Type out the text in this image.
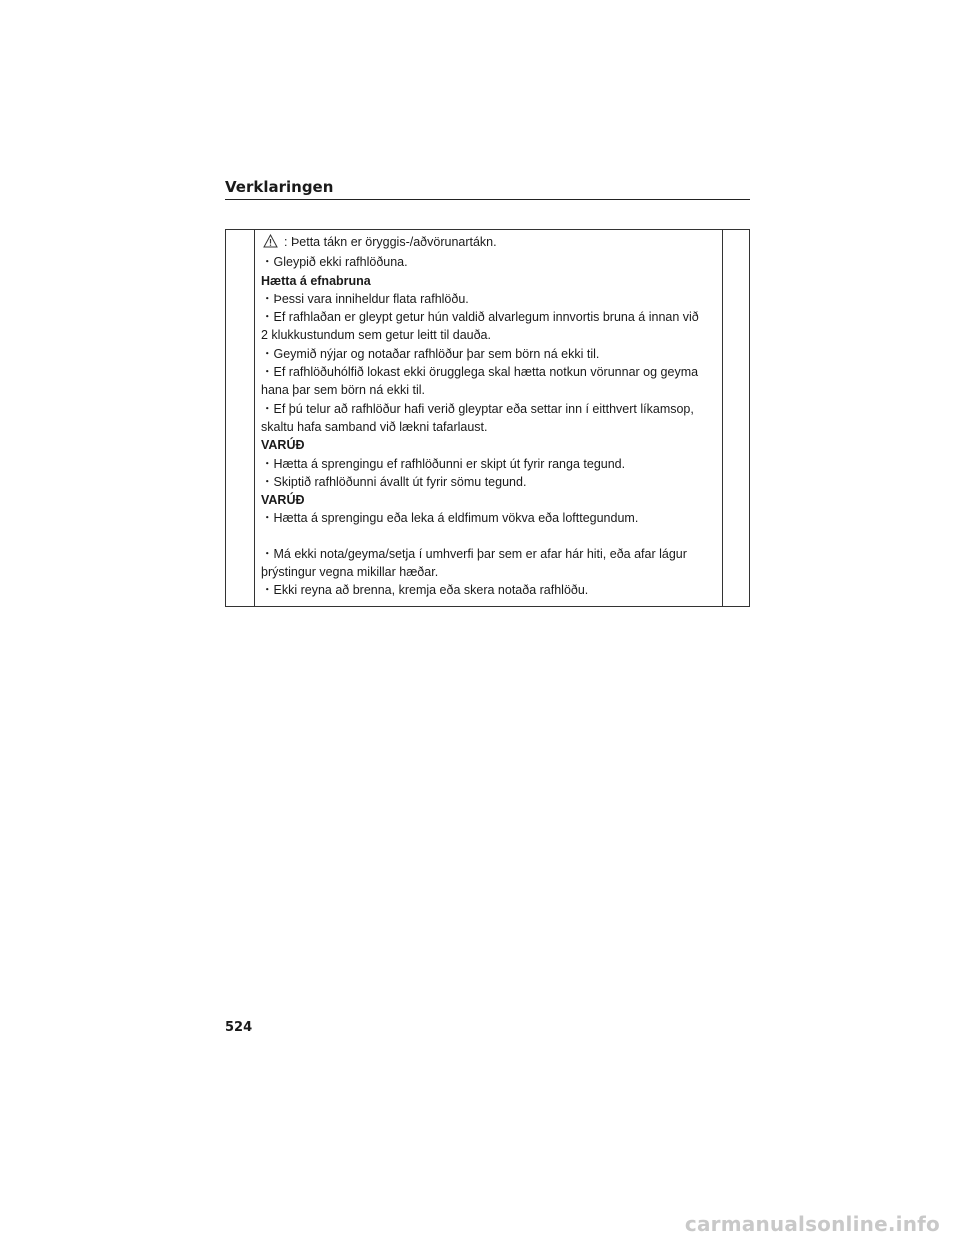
Verklaringen
: Þetta tákn er öryggis-/aðvörunartákn.
・Gleypið ekki rafhlöðuna.
Hætta á efnabruna
・Þessi vara inniheldur flata rafhlöðu.
・Ef rafhlaðan er gleypt getur hún valdið alvarlegum innvortis bruna á innan við
2 klukkustundum sem getur leitt til dauða.
・Geymið nýjar og notaðar rafhlöður þar sem börn ná ekki til.
・Ef rafhlöðuhólfið lokast ekki örugglega skal hætta notkun vörunnar og geyma
hana þar sem börn ná ekki til.
・Ef þú telur að rafhlöður hafi verið gleyptar eða settar inn í eitthvert líkamsop,
skaltu hafa samband við lækni tafarlaust.
VARÚÐ
・Hætta á sprengingu ef rafhlöðunni er skipt út fyrir ranga tegund.
・Skiptið rafhlöðunni ávallt út fyrir sömu tegund.
VARÚÐ
・Hætta á sprengingu eða leka á eldfimum vökva eða lofttegundum.
・Má ekki nota/geyma/setja í umhverfi þar sem er afar hár hiti, eða afar lágur
þrýstingur vegna mikillar hæðar.
・Ekki reyna að brenna, kremja eða skera notaða rafhlöðu.
524
carmanualsonline.info
